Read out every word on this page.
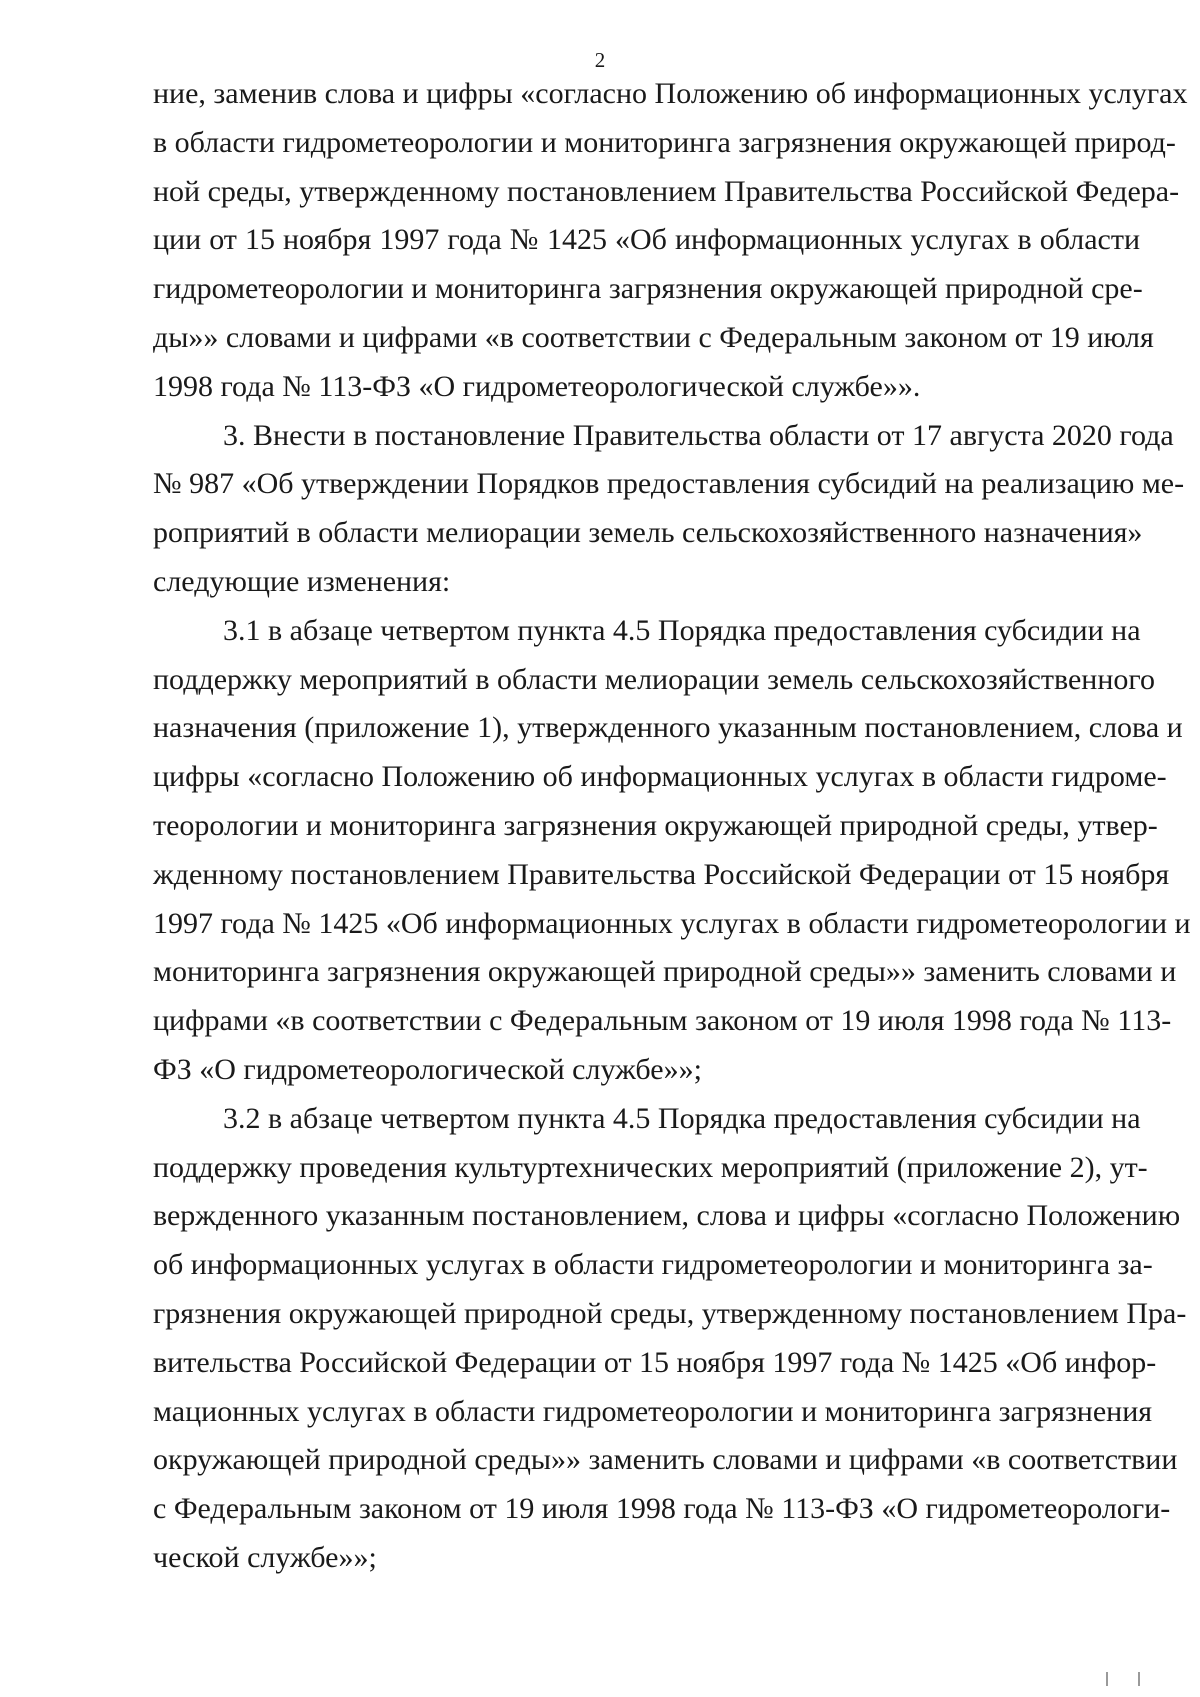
2
ние, заменив слова и цифры «согласно Положению об информационных услугах
в области гидрометеорологии и мониторинга загрязнения окружающей природ-
ной среды, утвержденному постановлением Правительства Российской Федера-
ции от 15 ноября 1997 года № 1425 «Об информационных услугах в области
гидрометеорологии и мониторинга загрязнения окружающей природной сре-
ды»» словами и цифрами «в соответствии с Федеральным законом от 19 июля
1998 года № 113-ФЗ «О гидрометеорологической службе»».
3. Внести в постановление Правительства области от 17 августа 2020 года
№ 987 «Об утверждении Порядков предоставления субсидий на реализацию ме-
роприятий в области мелиорации земель сельскохозяйственного назначения»
следующие изменения:
3.1 в абзаце четвертом пункта 4.5 Порядка предоставления субсидии на
поддержку мероприятий в области мелиорации земель сельскохозяйственного
назначения (приложение 1), утвержденного указанным постановлением, слова и
цифры «согласно Положению об информационных услугах в области гидроме-
теорологии и мониторинга загрязнения окружающей природной среды, утвер-
жденному постановлением Правительства Российской Федерации от 15 ноября
1997 года № 1425 «Об информационных услугах в области гидрометеорологии и
мониторинга загрязнения окружающей природной среды»» заменить словами и
цифрами «в соответствии с Федеральным законом от 19 июля 1998 года № 113-
ФЗ «О гидрометеорологической службе»»;
3.2 в абзаце четвертом пункта 4.5 Порядка предоставления субсидии на
поддержку проведения культуртехнических мероприятий (приложение 2), ут-
вержденного указанным постановлением, слова и цифры «согласно Положению
об информационных услугах в области гидрометеорологии и мониторинга за-
грязнения окружающей природной среды, утвержденному постановлением Пра-
вительства Российской Федерации от 15 ноября 1997 года № 1425 «Об инфор-
мационных услугах в области гидрометеорологии и мониторинга загрязнения
окружающей природной среды»» заменить словами и цифрами «в соответствии
с Федеральным законом от 19 июля 1998 года № 113-ФЗ «О гидрометеорологи-
ческой службе»»;
